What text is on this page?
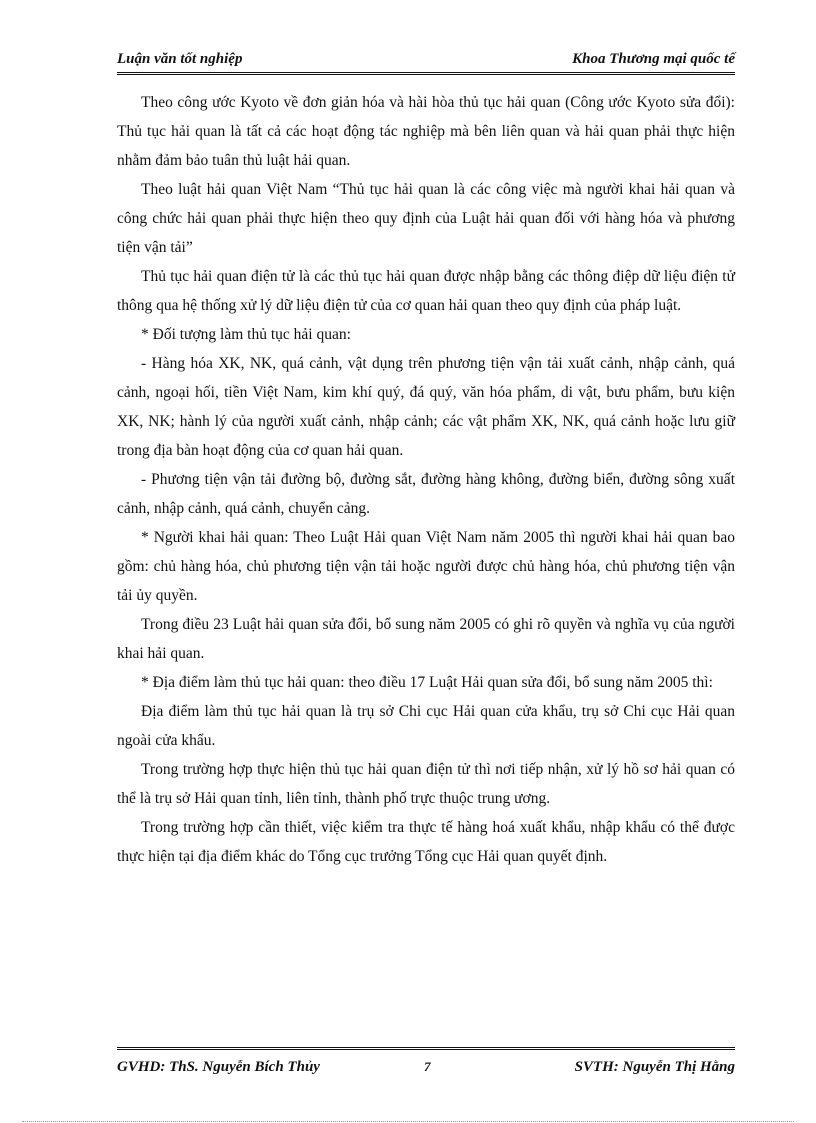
Luận văn tốt nghiệp	Khoa Thương mại quốc tế

Theo công ước Kyoto về đơn giản hóa và hài hòa thủ tục hải quan (Công ước Kyoto sửa đổi): Thủ tục hải quan là tất cả các hoạt động tác nghiệp mà bên liên quan và hải quan phải thực hiện nhằm đảm bảo tuân thủ luật hải quan.

Theo luật hải quan Việt Nam “Thủ tục hải quan là các công việc mà người khai hải quan và công chức hải quan phải thực hiện theo quy định của Luật hải quan đối với hàng hóa và phương tiện vận tải”

Thủ tục hải quan điện tử là các thủ tục hải quan được nhập bằng các thông điệp dữ liệu điện tử thông qua hệ thống xử lý dữ liệu điện tử của cơ quan hải quan theo quy định của pháp luật.

* Đối tượng làm thủ tục hải quan:

- Hàng hóa XK, NK, quá cảnh, vật dụng trên phương tiện vận tải xuất cảnh, nhập cảnh, quá cảnh, ngoại hối, tiền Việt Nam, kim khí quý, đá quý, văn hóa phẩm, di vật, bưu phẩm, bưu kiện XK, NK; hành lý của người xuất cảnh, nhập cảnh; các vật phẩm XK, NK, quá cảnh hoặc lưu giữ trong địa bàn hoạt động của cơ quan hải quan.

- Phương tiện vận tải đường bộ, đường sắt, đường hàng không, đường biển, đường sông xuất cảnh, nhập cảnh, quá cảnh, chuyển cảng.

* Người khai hải quan: Theo Luật Hải quan Việt Nam năm 2005 thì người khai hải quan bao gồm: chủ hàng hóa, chủ phương tiện vận tải hoặc người được chủ hàng hóa, chủ phương tiện vận tải ủy quyền.

Trong điều 23 Luật hải quan sửa đổi, bổ sung năm 2005 có ghi rõ quyền và nghĩa vụ của người khai hải quan.

* Địa điểm làm thủ tục hải quan: theo điều 17 Luật Hải quan sửa đổi, bổ sung năm 2005 thì:

Địa điểm làm thủ tục hải quan là trụ sở Chi cục Hải quan cửa khẩu, trụ sở Chi cục Hải quan ngoài cửa khẩu.

Trong trường hợp thực hiện thủ tục hải quan điện tử thì nơi tiếp nhận, xử lý hồ sơ hải quan có thể là trụ sở Hải quan tỉnh, liên tỉnh, thành phố trực thuộc trung ương.

Trong trường hợp cần thiết, việc kiểm tra thực tế hàng hoá xuất khẩu, nhập khẩu có thể được thực hiện tại địa điểm khác do Tổng cục trưởng Tổng cục Hải quan quyết định.

GVHD: ThS. Nguyễn Bích Thủy	7	SVTH: Nguyễn Thị Hằng
